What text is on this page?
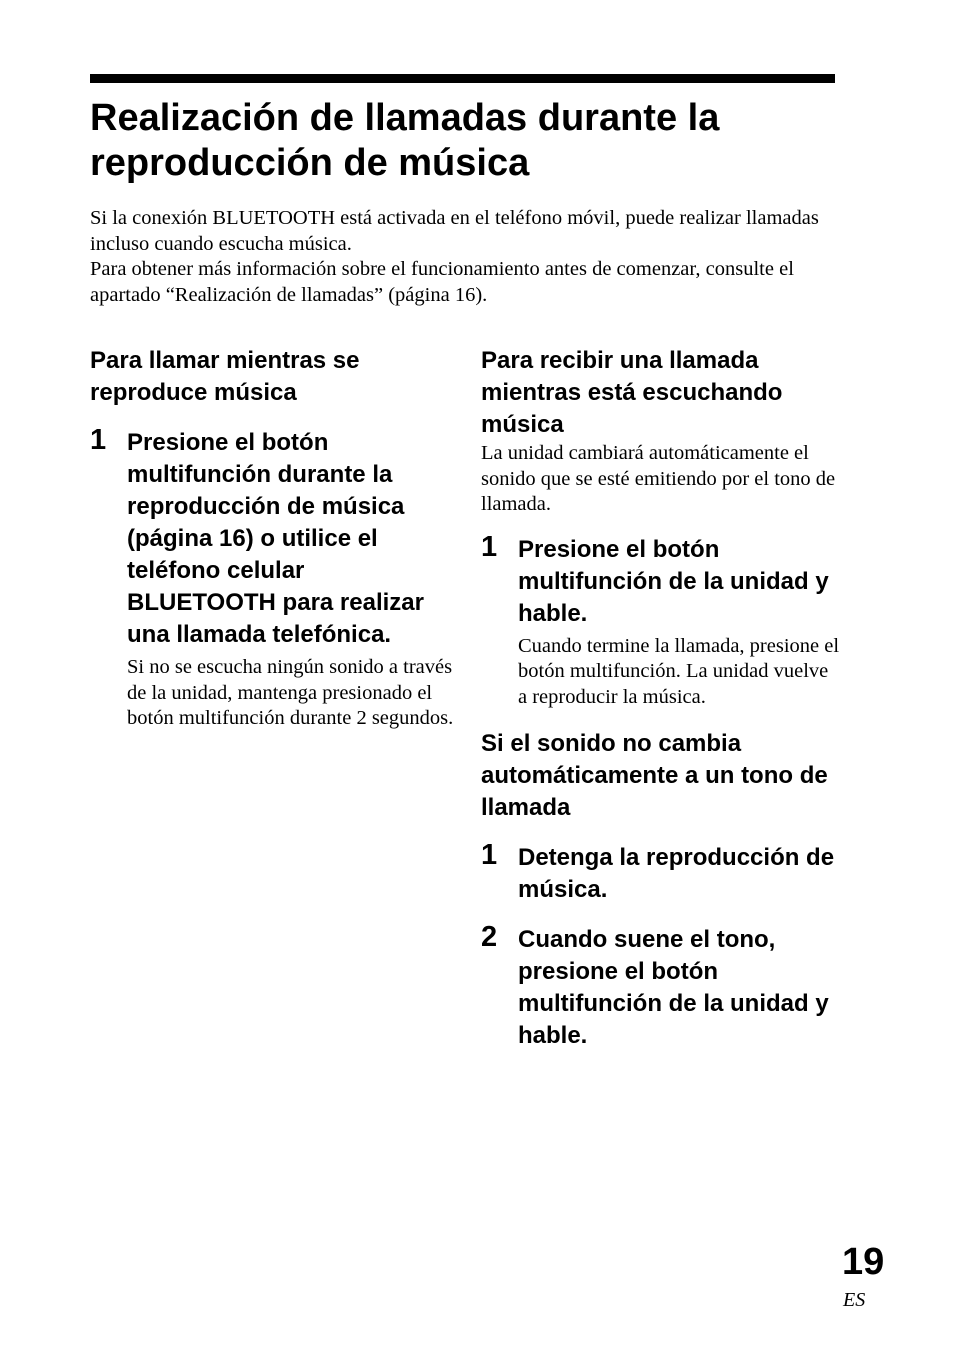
Realización de llamadas durante la reproducción de música

Si la conexión BLUETOOTH está activada en el teléfono móvil, puede realizar llamadas incluso cuando escucha música.

Para obtener más información sobre el funcionamiento antes de comenzar, consulte el apartado “Realización de llamadas” (página 16).

Para llamar mientras se reproduce música
1 Presione el botón multifunción durante la reproducción de música (página 16) o utilice el teléfono celular BLUETOOTH para realizar una llamada telefónica.

Si no se escucha ningún sonido a través de la unidad, mantenga presionado el botón multifunción durante 2 segundos.

Para recibir una llamada mientras está escuchando música

La unidad cambiará automáticamente el sonido que se esté emitiendo por el tono de llamada.

1 Presione el botón multifunción de la unidad y hable.

Cuando termine la llamada, presione el botón multifunción. La unidad vuelve a reproducir la música.

Si el sonido no cambia automáticamente a un tono de llamada
1 Detenga la reproducción de música.

2 Cuando suene el tono, presione el botón multifunción de la unidad y hable.

19
ES
